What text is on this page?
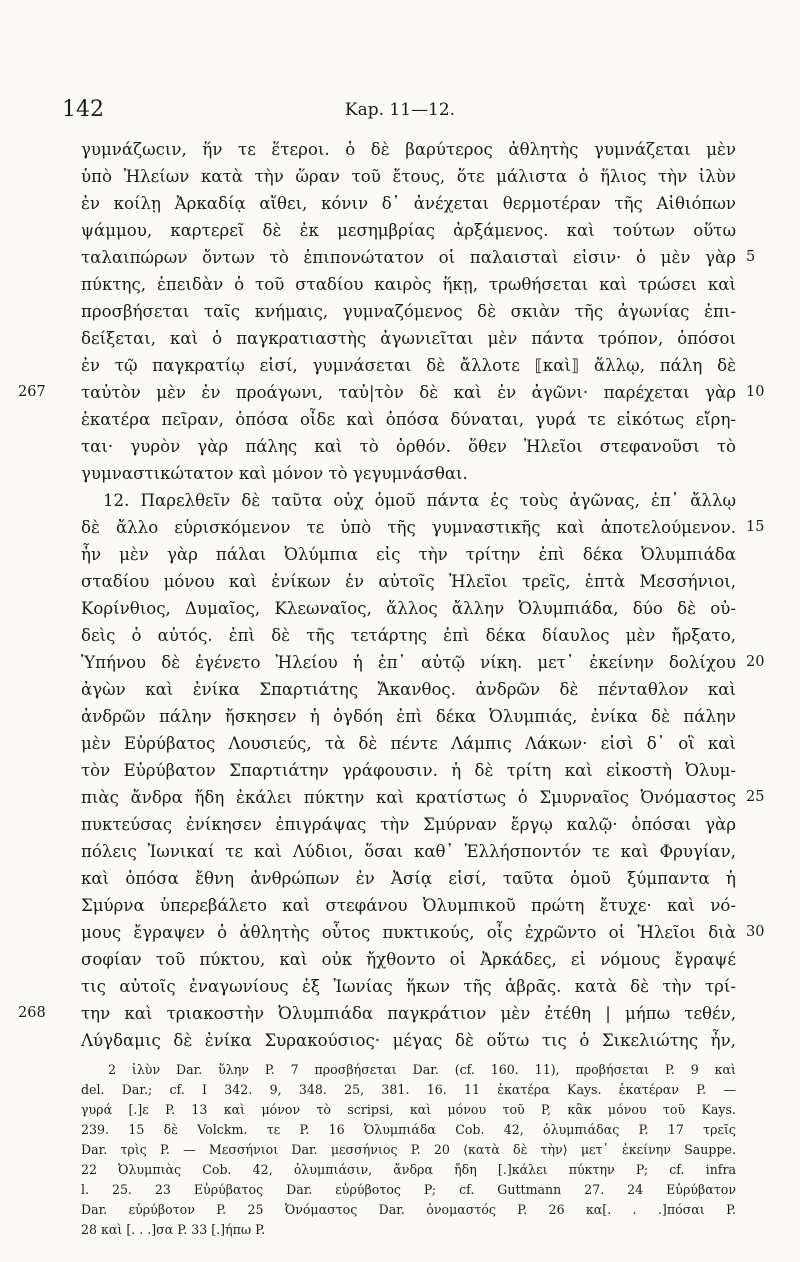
142	Kap. 11—12.
γυμνάζωcιν, ἥν τε ἕτεροι. ὁ δὲ βαρύτερος ἀθλητὴς γυμνάζεται μὲν
ὑπὸ Ἠλείων κατὰ τὴν ὥραν τοῦ ἔτους, ὅτε μάλιστα ὁ ἥλιος τὴν ἰλὺν
ἐν κοίλῃ Ἀρκαδίᾳ αἴθει, κόνιν δ᾽ ἀνέχεται θερμοτέραν τῆς Αἰθιόπων
ψάμμου, καρτερεῖ δὲ ἐκ μεσημβρίας ἀρξάμενος. καὶ τούτων οὕτω
ταλαιπώρων ὄντων τὸ ἐπιπονώτατον οἱ παλαισταὶ εἰσιν· ὁ μὲν γὰρ 5
πύκτης, ἐπειδὰν ὁ τοῦ σταδίου καιρὸς ἥκῃ, τρωθήσεται καὶ τρώσει καὶ
προσβήσεται ταῖς κνήμαις, γυμναζόμενος δὲ σκιὰν τῆς ἀγωνίας ἐπι-
δείξεται, καὶ ὁ παγκρατιαστὴς ἀγωνιεῖται μὲν πάντα τρόπον, ὁπόσοι
ἐν τῷ παγκρατίῳ εἰσί, γυμνάσεται δὲ ἄλλοτε ⟦καὶ⟧ ἄλλῳ, πάλη δὲ
267 ταὐτὸν μὲν ἐν προάγωνι, ταὐ|τὸν δὲ καὶ ἐν ἀγῶνι· παρέχεται γὰρ 10
ἑκατέρα πεῖραν, ὁπόσα οἶδε καὶ ὁπόσα δύναται, γυρά τε εἰκότως εἴρη-
ται· γυρὸν γὰρ πάλης καὶ τὸ ὀρθόν. ὅθεν Ἠλεῖοι στεφανοῦσι τὸ
γυμναστικώτατον καὶ μόνον τὸ γεγυμνάσθαι.
12. Παρελθεῖν δὲ ταῦτα οὐχ ὁμοῦ πάντα ἐς τοὺς ἀγῶνας, ἐπ᾽ ἄλλῳ
δὲ ἄλλο εὑρισκόμενον τε ὑπὸ τῆς γυμναστικῆς καὶ ἀποτελούμενον. 15
ἦν μὲν γὰρ πάλαι Ὀλύμπια εἰς τὴν τρίτην ἐπὶ δέκα Ὀλυμπιάδα
σταδίου μόνου καὶ ἐνίκων ἐν αὐτοῖς Ἠλεῖοι τρεῖς, ἑπτὰ Μεσσήνιοι,
Κορίνθιος, Δυμαῖος, Κλεωναῖος, ἄλλος ἄλλην Ὀλυμπιάδα, δύο δὲ οὐ-
δεὶς ὁ αὐτός. ἐπὶ δὲ τῆς τετάρτης ἐπὶ δέκα δίαυλος μὲν ἤρξατο,
Ὑπήνου δὲ ἐγένετο Ἠλείου ἡ ἐπ᾽ αὐτῷ νίκη. μετ᾽ ἐκείνην δολίχου 20
ἀγὼν καὶ ἐνίκα Σπαρτιάτης Ἄκανθος. ἀνδρῶν δὲ πένταθλον καὶ
ἀνδρῶν πάλην ἤσκησεν ἡ ὀγδόη ἐπὶ δέκα Ὀλυμπιάς, ἐνίκα δὲ πάλην
μὲν Εὐρύβατος Λουσιεύς, τὰ δὲ πέντε Λάμπις Λάκων· εἰσὶ δ᾽ οἳ καὶ
τὸν Εὐρύβατον Σπαρτιάτην γράφουσιν. ἡ δὲ τρίτη καὶ εἰκοστὴ Ὀλυμ-
πιὰς ἄνδρα ἤδη ἐκάλει πύκτην καὶ κρατίστως ὁ Σμυρναῖος Ὀνόμαστος 25
πυκτεύσας ἐνίκησεν ἐπιγράψας τὴν Σμύρναν ἔργῳ καλῷ· ὁπόσαι γὰρ
πόλεις Ἰωνικαί τε καὶ Λύδιοι, ὅσαι καθ᾽ Ἑλλήσποντόν τε καὶ Φρυγίαν,
καὶ ὁπόσα ἔθνη ἀνθρώπων ἐν Ἀσίᾳ εἰσί, ταῦτα ὁμοῦ ξύμπαντα ἡ
Σμύρνα ὑπερεβάλετο καὶ στεφάνου Ὀλυμπικοῦ πρώτη ἔτυχε· καὶ νό-
μους ἔγραψεν ὁ ἀθλητὴς οὗτος πυκτικούς, οἷς ἐχρῶντο οἱ Ἠλεῖοι διὰ 30
σοφίαν τοῦ πύκτου, καὶ οὐκ ἤχθοντο οἱ Ἀρκάδες, εἰ νόμους ἔγραψέ
τις αὐτοῖς ἐναγωνίους ἐξ Ἰωνίας ἥκων τῆς ἁβρᾶς. κατὰ δὲ τὴν τρί-
268 την καὶ τριακοστὴν Ὀλυμπιάδα παγκράτιον μὲν ἐτέθη | μήπω τεθέν,
Λύγδαμις δὲ ἐνίκα Συρακούσιος· μέγας δὲ οὕτω τις ὁ Σικελιώτης ἦν,
2 ἰλὺν Dar. ὕλην P. 7 προσβήσεται Dar. (cf. 160. 11), προβήσεται P. 9 καὶ
del. Dar.; cf. I 342. 9, 348. 25, 381. 16. 11 ἑκατέρα Kays. ἑκατέραν P. —
γυρά [.]ε P. 13 καὶ μόνον τὸ scripsi, καὶ μόνου τοῦ P, κἂκ μόνου τοῦ Kays.
239. 15 δὲ Volckm. τε P. 16 Ὀλυμπιάδα Cob. 42, ὀλυμπιάδας P. 17 τρεῖς
Dar. τρὶς P. — Μεσσήνιοι Dar. μεσσήνιος P. 20 ⟨κατὰ δὲ τὴν⟩ μετ᾽ ἐκείνην Sauppe.
22 Ὀλυμπιὰς Cob. 42, ὀλυμπιάσιν, ἄνδρα ἤδη [.]κάλει πύκτην P; cf. infra
l. 25. 23 Εὐρύβατος Dar. εὐρύβοτος P; cf. Guttmann 27. 24 Εὐρύβατον
Dar. εὐρύβοτον P. 25 Ὀνόμαστος Dar. ὀνομαστός P. 26 κα[. . .]πόσαι P.
28 καὶ [. . .]σα P. 33 [.]ήπω P.
